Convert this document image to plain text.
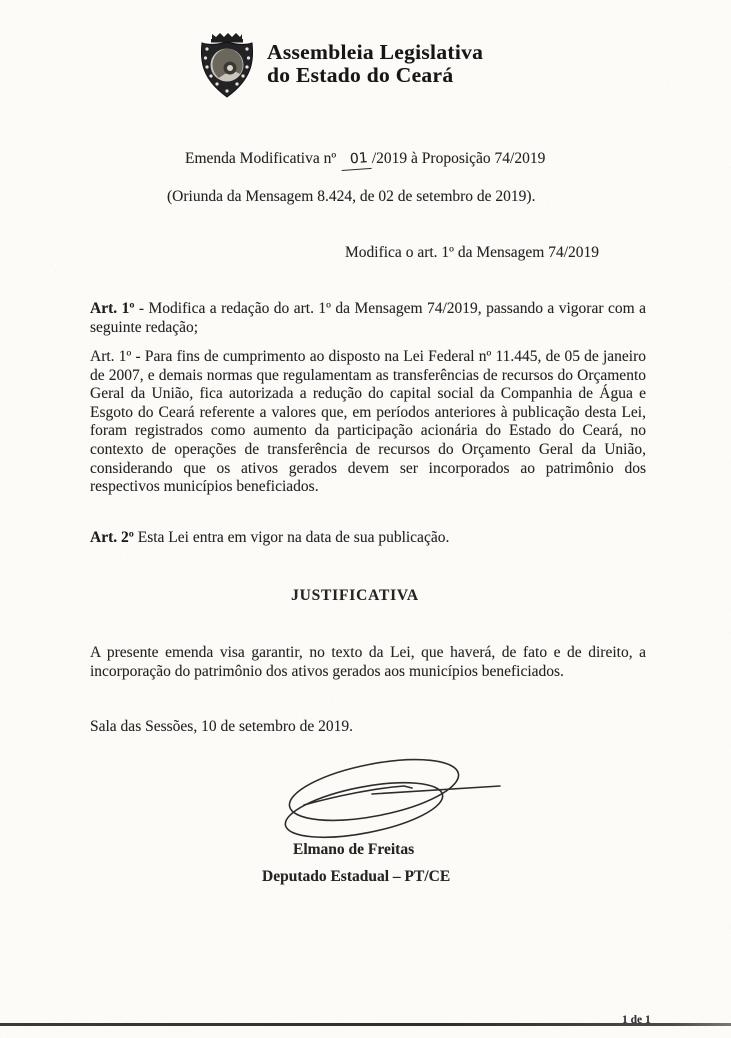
Assembleia Legislativa
do Estado do Ceará

Emenda Modificativa nº 01 /2019 à Proposição 74/2019

(Oriunda da Mensagem 8.424, de 02 de setembro de 2019).

Modifica o art. 1º da Mensagem 74/2019

Art. 1º - Modifica a redação do art. 1º da Mensagem 74/2019, passando a vigorar com a seguinte redação;

Art. 1º - Para fins de cumprimento ao disposto na Lei Federal nº 11.445, de 05 de janeiro de 2007, e demais normas que regulamentam as transferências de recursos do Orçamento Geral da União, fica autorizada a redução do capital social da Companhia de Água e Esgoto do Ceará referente a valores que, em períodos anteriores à publicação desta Lei, foram registrados como aumento da participação acionária do Estado do Ceará, no contexto de operações de transferência de recursos do Orçamento Geral da União, considerando que os ativos gerados devem ser incorporados ao patrimônio dos respectivos municípios beneficiados.

Art. 2º Esta Lei entra em vigor na data de sua publicação.

JUSTIFICATIVA

A presente emenda visa garantir, no texto da Lei, que haverá, de fato e de direito, a incorporação do patrimônio dos ativos gerados aos municípios beneficiados.

Sala das Sessões, 10 de setembro de 2019.

Elmano de Freitas

Deputado Estadual – PT/CE

1 de 1
